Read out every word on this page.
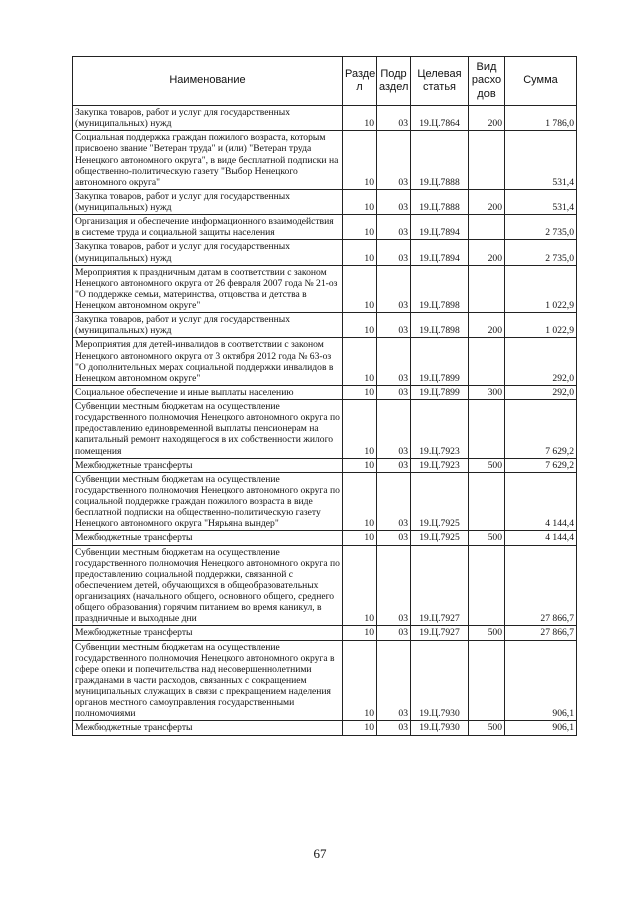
Наименование	Разде л	Подр аздел	Целевая статья	Вид расхо дов	Сумма
Закупка товаров, работ и услуг для государственных (муниципальных) нужд	10	03	19.Ц.7864	200	1 786,0
Социальная поддержка граждан пожилого возраста, которым присвоено звание "Ветеран труда" и (или) "Ветеран труда Ненецкого автономного округа", в виде бесплатной подписки на общественно-политическую газету "Выбор Ненецкого автономного округа"	10	03	19.Ц.7888		531,4
Закупка товаров, работ и услуг для государственных (муниципальных) нужд	10	03	19.Ц.7888	200	531,4
Организация и обеспечение информационного взаимодействия в системе труда и социальной защиты населения	10	03	19.Ц.7894		2 735,0
Закупка товаров, работ и услуг для государственных (муниципальных) нужд	10	03	19.Ц.7894	200	2 735,0
Мероприятия к праздничным датам в соответствии с законом Ненецкого автономного округа от 26 февраля 2007 года № 21-оз "О поддержке семьи, материнства, отцовства и детства в Ненецком автономном округе"	10	03	19.Ц.7898		1 022,9
Закупка товаров, работ и услуг для государственных (муниципальных) нужд	10	03	19.Ц.7898	200	1 022,9
Мероприятия для детей-инвалидов в соответствии с законом Ненецкого автономного округа от 3 октября 2012 года № 63-оз "О дополнительных мерах социальной поддержки инвалидов в Ненецком автономном округе"	10	03	19.Ц.7899		292,0
Социальное обеспечение и иные выплаты населению	10	03	19.Ц.7899	300	292,0
Субвенции местным бюджетам на осуществление государственного полномочия Ненецкого автономного округа по предоставлению единовременной выплаты пенсионерам на капитальный ремонт находящегося в их собственности жилого помещения	10	03	19.Ц.7923		7 629,2
Межбюджетные трансферты	10	03	19.Ц.7923	500	7 629,2
Субвенции местным бюджетам на осуществление государственного полномочия Ненецкого автономного округа по социальной поддержке граждан пожилого возраста в виде бесплатной подписки на общественно-политическую газету Ненецкого автономного округа "Нярьяна вындер"	10	03	19.Ц.7925		4 144,4
Межбюджетные трансферты	10	03	19.Ц.7925	500	4 144,4
Субвенции местным бюджетам на осуществление государственного полномочия Ненецкого автономного округа по предоставлению социальной поддержки, связанной с обеспечением детей, обучающихся в общеобразовательных организациях (начального общего, основного общего, среднего общего образования) горячим питанием во время каникул, в праздничные и выходные дни	10	03	19.Ц.7927		27 866,7
Межбюджетные трансферты	10	03	19.Ц.7927	500	27 866,7
Субвенции местным бюджетам на осуществление государственного полномочия Ненецкого автономного округа в сфере опеки и попечительства над несовершеннолетними гражданами в части расходов, связанных с сокращением муниципальных служащих в связи с прекращением наделения органов местного самоуправления государственными полномочиями	10	03	19.Ц.7930		906,1
Межбюджетные трансферты	10	03	19.Ц.7930	500	906,1
67
